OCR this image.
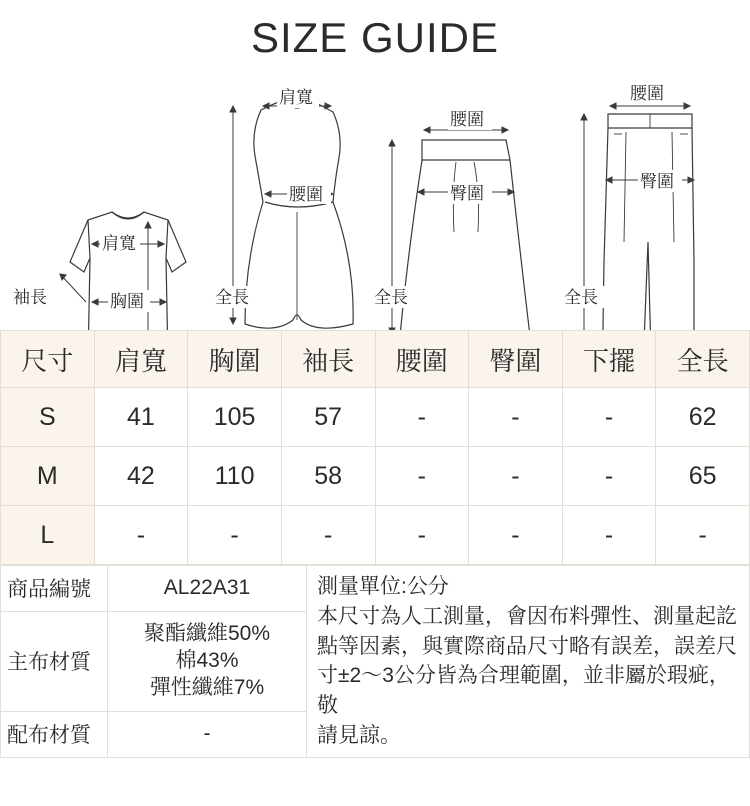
SIZE GUIDE
肩寬
袖長	胸圍
肩寬
腰圍
全長
腰圍
臀圍
全長
腰圍
臀圍
全長
尺寸	肩寬	胸圍	袖長	腰圍	臀圍	下擺	全長
S	41	105	57	-	-	-	62
M	42	110	58	-	-	-	65
L	-	-	-	-	-	-	-
商品編號	AL22A31	測量單位:公分
本尺寸為人工測量，會因布料彈性、測量起訖
點等因素，與實際商品尺寸略有誤差，誤差尺
寸±2～3公分皆為合理範圍，並非屬於瑕疵，敬
請見諒。

主布材質	聚酯纖維50%
棉43%
彈性纖維7%	

配布材質	-	
